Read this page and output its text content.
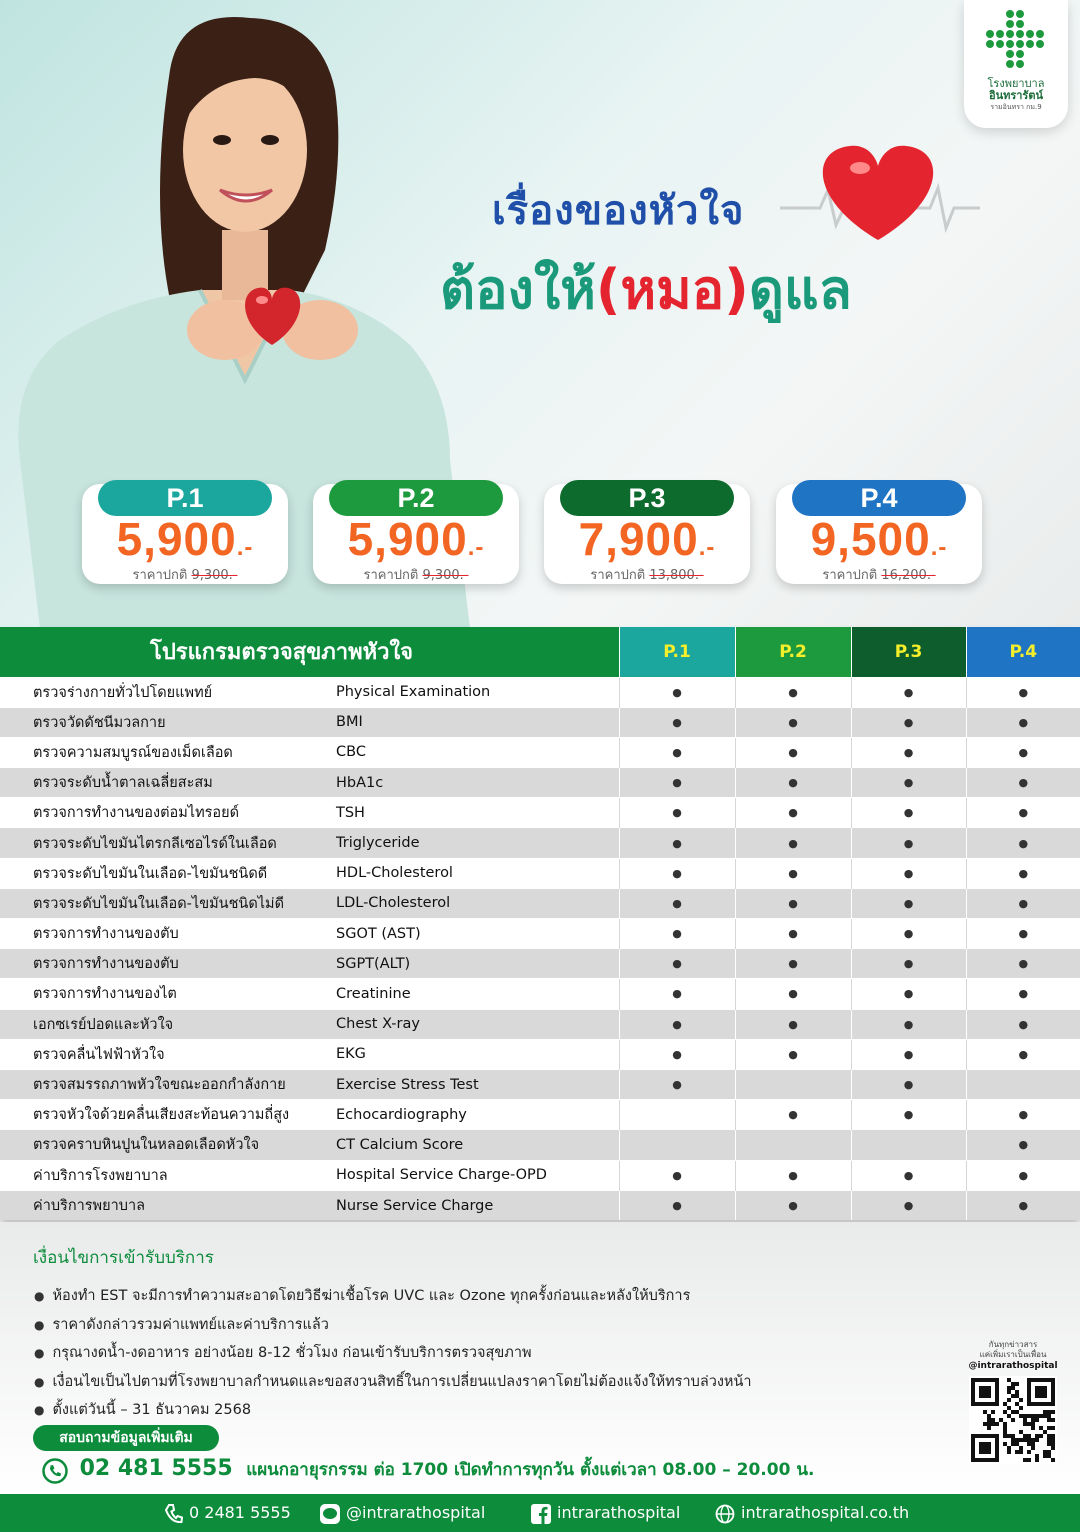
โรงพยาบาล
อินทรารัตน์
รามอินทรา กม.9
เรื่องของหัวใจ
ต้องให้(หมอ)ดูแล
P.1
5,900.-
ราคาปกติ 9,300.-
P.2
5,900.-
ราคาปกติ 9,300.-
P.3
7,900.-
ราคาปกติ 13,800.-
P.4
9,500.-
ราคาปกติ 16,200.-
โปรแกรมตรวจสุขภาพหัวใจ		P.1	P.2	P.3	P.4
ตรวจร่างกายทั่วไปโดยแพทย์	Physical Examination	●	●	●	●
ตรวจวัดดัชนีมวลกาย	BMI	●	●	●	●
ตรวจความสมบูรณ์ของเม็ดเลือด	CBC	●	●	●	●
ตรวจระดับน้ำตาลเฉลี่ยสะสม	HbA1c	●	●	●	●
ตรวจการทำงานของต่อมไทรอยด์	TSH	●	●	●	●
ตรวจระดับไขมันไตรกลีเซอไรด์ในเลือด	Triglyceride	●	●	●	●
ตรวจระดับไขมันในเลือด-ไขมันชนิดดี	HDL-Cholesterol	●	●	●	●
ตรวจระดับไขมันในเลือด-ไขมันชนิดไม่ดี	LDL-Cholesterol	●	●	●	●
ตรวจการทำงานของตับ	SGOT (AST)	●	●	●	●
ตรวจการทำงานของตับ	SGPT(ALT)	●	●	●	●
ตรวจการทำงานของไต	Creatinine	●	●	●	●
เอกซเรย์ปอดและหัวใจ	Chest X-ray	●	●	●	●
ตรวจคลื่นไฟฟ้าหัวใจ	EKG	●	●	●	●
ตรวจสมรรถภาพหัวใจขณะออกกำลังกาย	Exercise Stress Test	●		●	
ตรวจหัวใจด้วยคลื่นเสียงสะท้อนความถี่สูง	Echocardiography		●	●	●
ตรวจคราบหินปูนในหลอดเลือดหัวใจ	CT Calcium Score				●
ค่าบริการโรงพยาบาล	Hospital Service Charge-OPD	●	●	●	●
ค่าบริการพยาบาล	Nurse Service Charge	●	●	●	●
เงื่อนไขการเข้ารับบริการ
● ห้องทำ EST จะมีการทำความสะอาดโดยวิธีฆ่าเชื้อโรค UVC และ Ozone ทุกครั้งก่อนและหลังให้บริการ
● ราคาดังกล่าวรวมค่าแพทย์และค่าบริการแล้ว
● กรุณางดน้ำ-งดอาหาร อย่างน้อย 8-12 ชั่วโมง ก่อนเข้ารับบริการตรวจสุขภาพ
● เงื่อนไขเป็นไปตามที่โรงพยาบาลกำหนดและขอสงวนสิทธิ์ในการเปลี่ยนแปลงราคาโดยไม่ต้องแจ้งให้ทราบล่วงหน้า
● ตั้งแต่วันนี้ – 31 ธันวาคม 2568
สอบถามข้อมูลเพิ่มเติม
02 481 5555 แผนกอายุรกรรม ต่อ 1700 เปิดทำการทุกวัน ตั้งแต่เวลา 08.00 – 20.00 น.
กันทุกข่าวสาร
แค่เพิ่มเราเป็นเพื่อน
@intrarathospital
0 2481 5555	@intrarathospital	intrarathospital	intrarathospital.co.th
